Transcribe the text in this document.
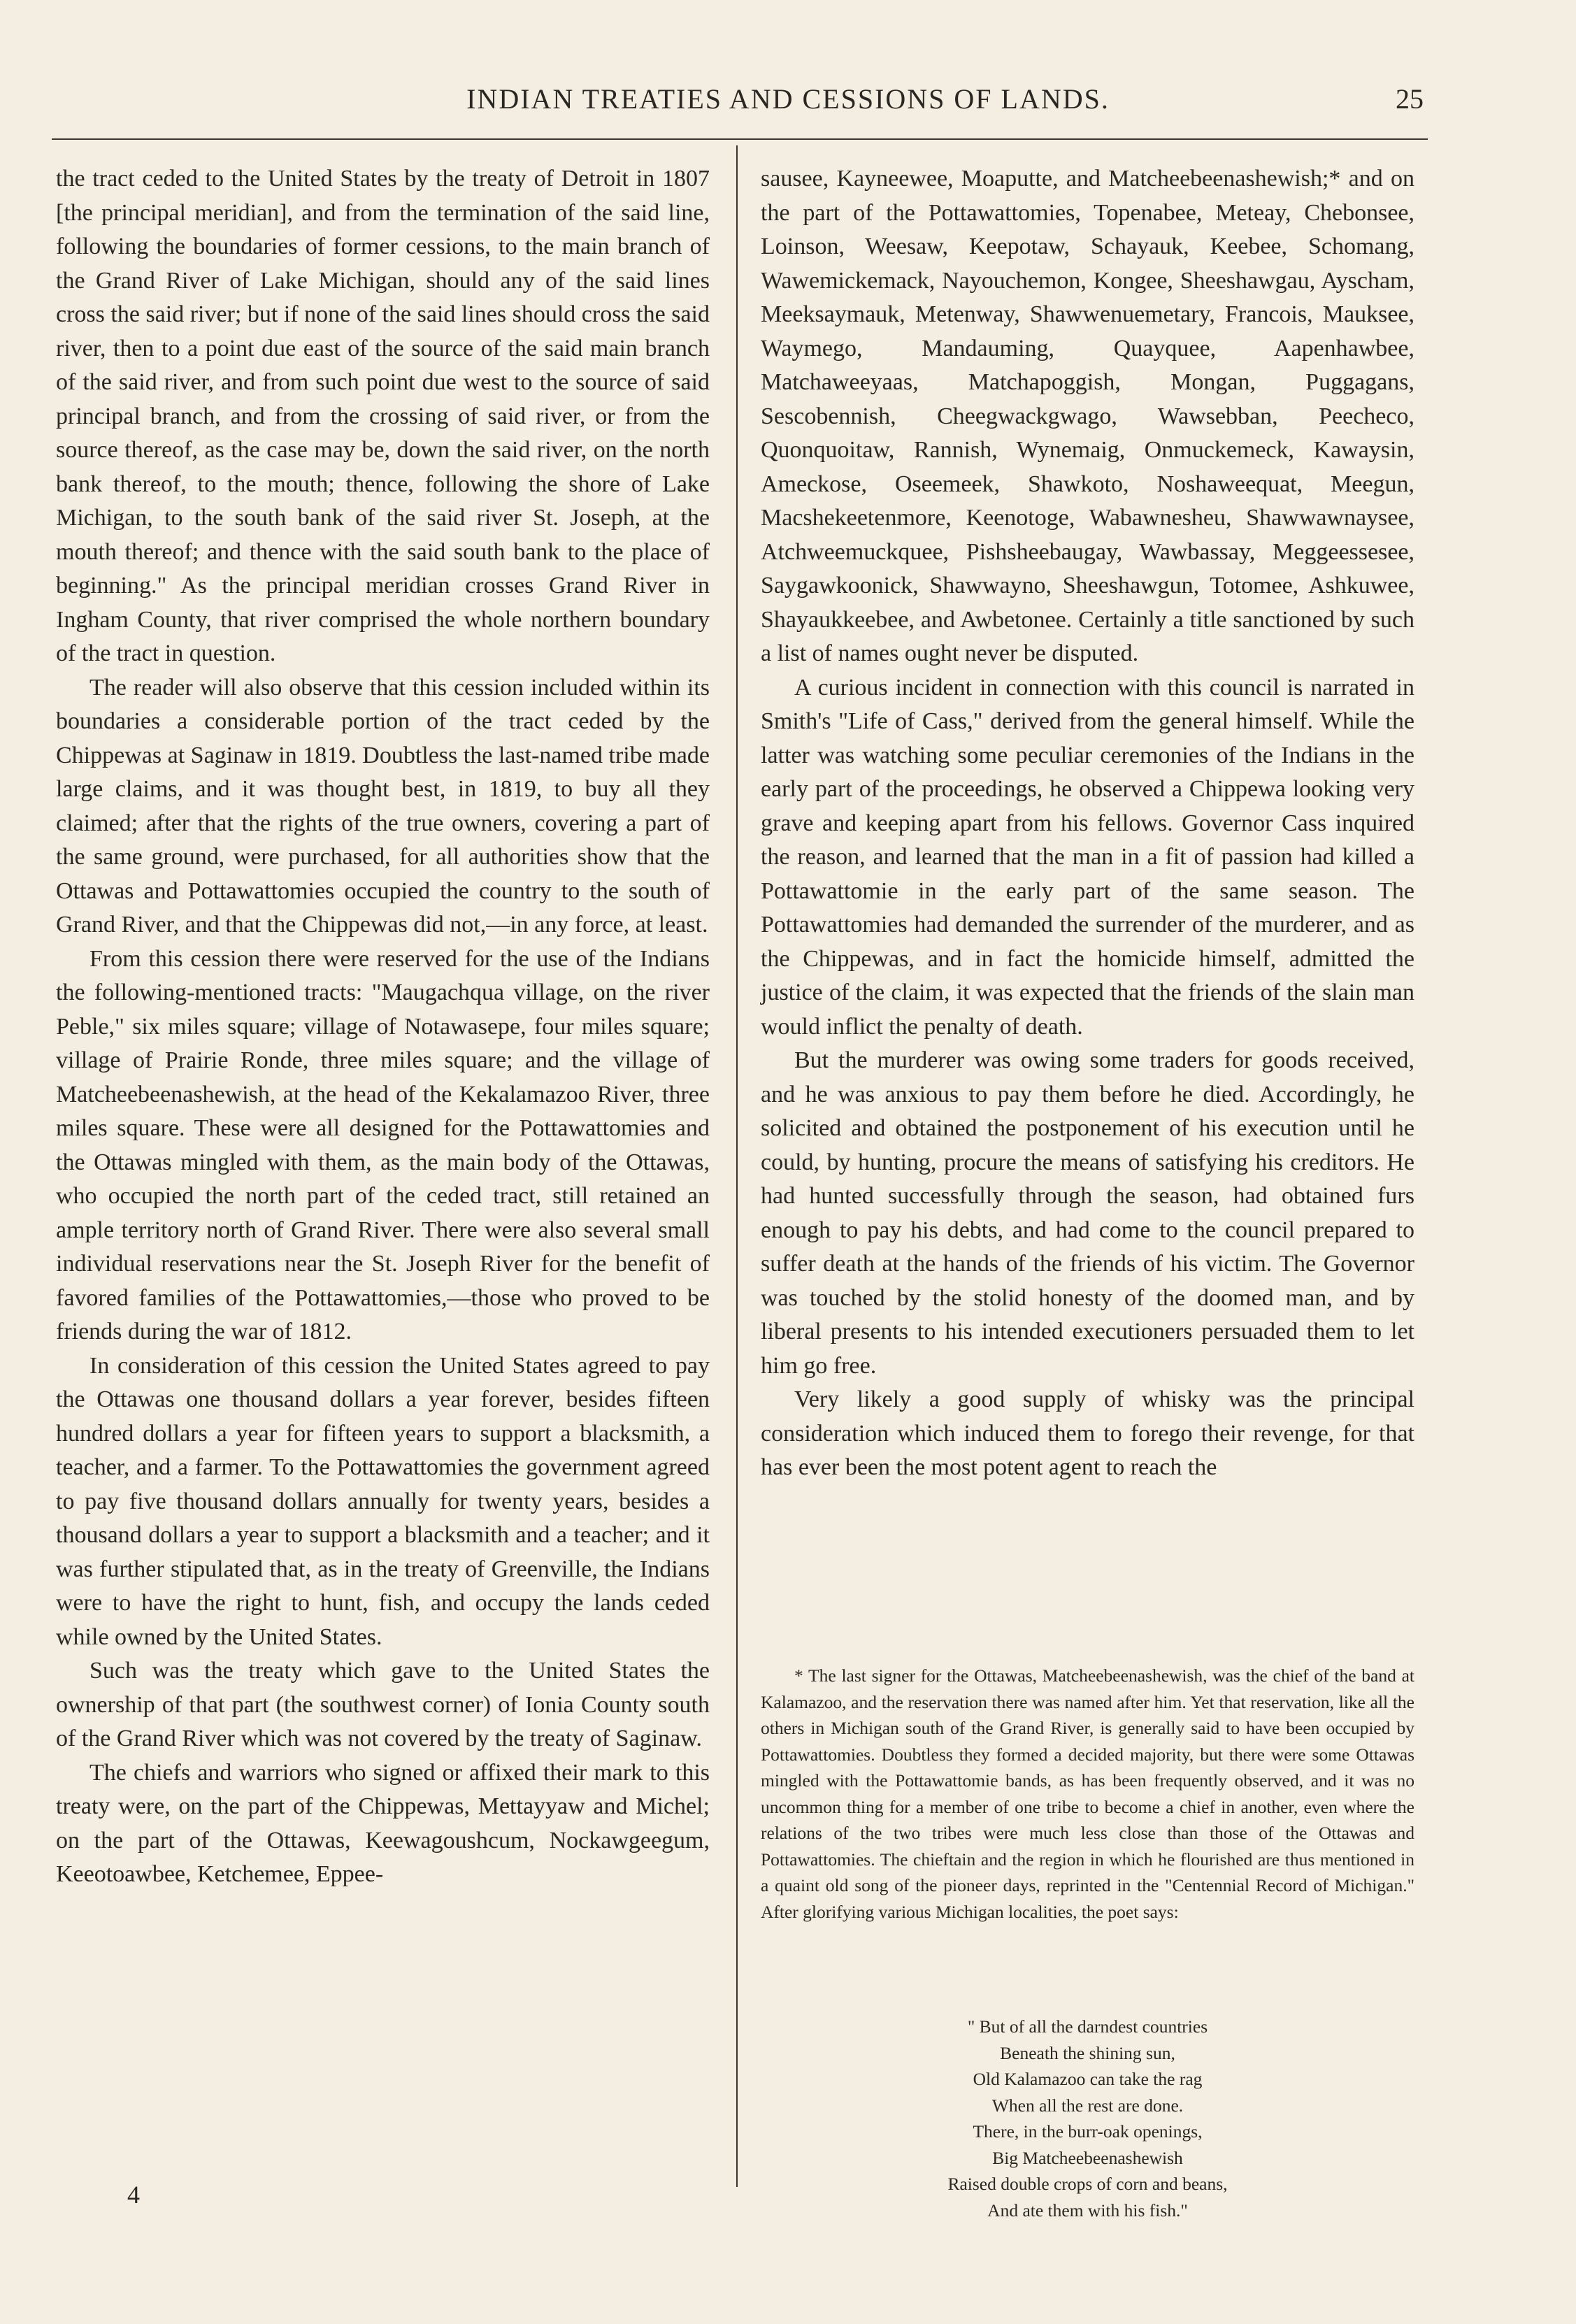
INDIAN TREATIES AND CESSIONS OF LANDS.	25

the tract ceded to the United States by the treaty of Detroit in 1807 [the principal meridian], and from the termination of the said line, following the boundaries of former cessions, to the main branch of the Grand River of Lake Michigan, should any of the said lines cross the said river; but if none of the said lines should cross the said river, then to a point due east of the source of the said main branch of the said river, and from such point due west to the source of said principal branch, and from the crossing of said river, or from the source thereof, as the case may be, down the said river, on the north bank thereof, to the mouth; thence, following the shore of Lake Michigan, to the south bank of the said river St. Joseph, at the mouth thereof; and thence with the said south bank to the place of beginning." As the principal meridian crosses Grand River in Ingham County, that river comprised the whole northern boundary of the tract in question.

The reader will also observe that this cession included within its boundaries a considerable portion of the tract ceded by the Chippewas at Saginaw in 1819. Doubtless the last-named tribe made large claims, and it was thought best, in 1819, to buy all they claimed; after that the rights of the true owners, covering a part of the same ground, were purchased, for all authorities show that the Ottawas and Pottawattomies occupied the country to the south of Grand River, and that the Chippewas did not,—in any force, at least.

From this cession there were reserved for the use of the Indians the following-mentioned tracts: "Maugachqua village, on the river Peble," six miles square; village of Notawasepe, four miles square; village of Prairie Ronde, three miles square; and the village of Matcheebeenashewish, at the head of the Kekalamazoo River, three miles square. These were all designed for the Pottawattomies and the Ottawas mingled with them, as the main body of the Ottawas, who occupied the north part of the ceded tract, still retained an ample territory north of Grand River. There were also several small individual reservations near the St. Joseph River for the benefit of favored families of the Pottawattomies,—those who proved to be friends during the war of 1812.

In consideration of this cession the United States agreed to pay the Ottawas one thousand dollars a year forever, besides fifteen hundred dollars a year for fifteen years to support a blacksmith, a teacher, and a farmer. To the Pottawattomies the government agreed to pay five thousand dollars annually for twenty years, besides a thousand dollars a year to support a blacksmith and a teacher; and it was further stipulated that, as in the treaty of Greenville, the Indians were to have the right to hunt, fish, and occupy the lands ceded while owned by the United States.

Such was the treaty which gave to the United States the ownership of that part (the southwest corner) of Ionia County south of the Grand River which was not covered by the treaty of Saginaw.

The chiefs and warriors who signed or affixed their mark to this treaty were, on the part of the Chippewas, Mettayyaw and Michel; on the part of the Ottawas, Keewagoushcum, Nockawgeegum, Keeotoawbee, Ketchemee, Eppee-

4

sausee, Kayneewee, Moaputte, and Matcheebeenashewish;* and on the part of the Pottawattomies, Topenabee, Meteay, Chebonsee, Loinson, Weesaw, Keepotaw, Schayauk, Keebee, Schomang, Wawemickemack, Nayouchemon, Kongee, Sheeshawgau, Ayscham, Meeksaymauk, Metenway, Shawwenuemetary, Francois, Mauksee, Waymego, Mandauming, Quayquee, Aapenhawbee, Matchaweeyaas, Matchapoggish, Mongan, Puggagans, Sescobennish, Cheegwackgwago, Wawsebban, Peecheco, Quonquoitaw, Rannish, Wynemaig, Onmuckemeck, Kawaysin, Ameckose, Oseemeek, Shawkoto, Noshaweequat, Meegun, Macshekeetenmore, Keenotoge, Wabawnesheu, Shawwawnaysee, Atchweemuckquee, Pishsheebaugay, Wawbassay, Meggeessesee, Saygawkoonick, Shawwayno, Sheeshawgun, Totomee, Ashkuwee, Shayaukkeebee, and Awbetonee. Certainly a title sanctioned by such a list of names ought never be disputed.

A curious incident in connection with this council is narrated in Smith's "Life of Cass," derived from the general himself. While the latter was watching some peculiar ceremonies of the Indians in the early part of the proceedings, he observed a Chippewa looking very grave and keeping apart from his fellows. Governor Cass inquired the reason, and learned that the man in a fit of passion had killed a Pottawattomie in the early part of the same season. The Pottawattomies had demanded the surrender of the murderer, and as the Chippewas, and in fact the homicide himself, admitted the justice of the claim, it was expected that the friends of the slain man would inflict the penalty of death.

But the murderer was owing some traders for goods received, and he was anxious to pay them before he died. Accordingly, he solicited and obtained the postponement of his execution until he could, by hunting, procure the means of satisfying his creditors. He had hunted successfully through the season, had obtained furs enough to pay his debts, and had come to the council prepared to suffer death at the hands of the friends of his victim. The Governor was touched by the stolid honesty of the doomed man, and by liberal presents to his intended executioners persuaded them to let him go free.

Very likely a good supply of whisky was the principal consideration which induced them to forego their revenge, for that has ever been the most potent agent to reach the

* The last signer for the Ottawas, Matcheebeenashewish, was the chief of the band at Kalamazoo, and the reservation there was named after him. Yet that reservation, like all the others in Michigan south of the Grand River, is generally said to have been occupied by Pottawattomies. Doubtless they formed a decided majority, but there were some Ottawas mingled with the Pottawattomie bands, as has been frequently observed, and it was no uncommon thing for a member of one tribe to become a chief in another, even where the relations of the two tribes were much less close than those of the Ottawas and Pottawattomies. The chieftain and the region in which he flourished are thus mentioned in a quaint old song of the pioneer days, reprinted in the "Centennial Record of Michigan." After glorifying various Michigan localities, the poet says:

" But of all the darndest countries
Beneath the shining sun,
Old Kalamazoo can take the rag
When all the rest are done.
There, in the burr-oak openings,
Big Matcheebeenashewish
Raised double crops of corn and beans,
And ate them with his fish."
